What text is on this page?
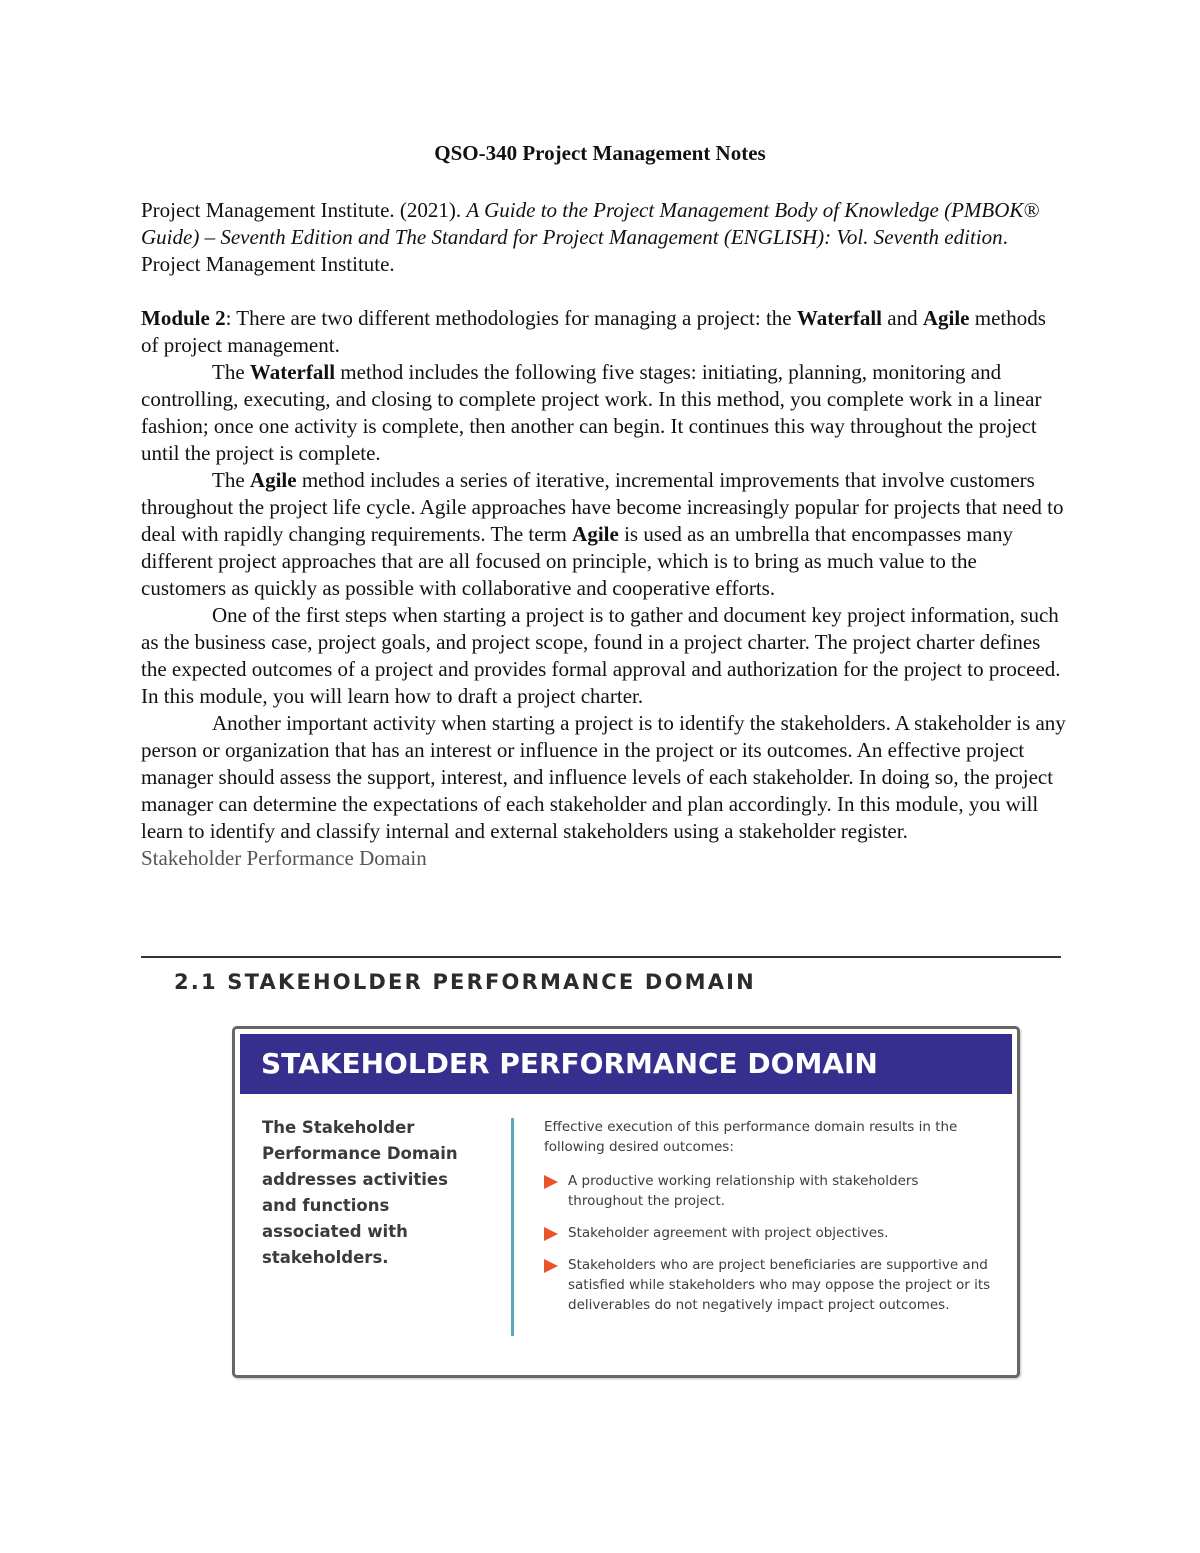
QSO-340 Project Management Notes

Project Management Institute. (2021). A Guide to the Project Management Body of Knowledge (PMBOK® Guide) – Seventh Edition and The Standard for Project Management (ENGLISH): Vol. Seventh edition. Project Management Institute.

Module 2: There are two different methodologies for managing a project: the Waterfall and Agile methods of project management.

The Waterfall method includes the following five stages: initiating, planning, monitoring and controlling, executing, and closing to complete project work. In this method, you complete work in a linear fashion; once one activity is complete, then another can begin. It continues this way throughout the project until the project is complete.

The Agile method includes a series of iterative, incremental improvements that involve customers throughout the project life cycle. Agile approaches have become increasingly popular for projects that need to deal with rapidly changing requirements. The term Agile is used as an umbrella that encompasses many different project approaches that are all focused on principle, which is to bring as much value to the customers as quickly as possible with collaborative and cooperative efforts.

One of the first steps when starting a project is to gather and document key project information, such as the business case, project goals, and project scope, found in a project charter. The project charter defines the expected outcomes of a project and provides formal approval and authorization for the project to proceed. In this module, you will learn how to draft a project charter.

Another important activity when starting a project is to identify the stakeholders. A stakeholder is any person or organization that has an interest or influence in the project or its outcomes. An effective project manager should assess the support, interest, and influence levels of each stakeholder. In doing so, the project manager can determine the expectations of each stakeholder and plan accordingly. In this module, you will learn to identify and classify internal and external stakeholders using a stakeholder register.

Stakeholder Performance Domain

2.1 STAKEHOLDER PERFORMANCE DOMAIN
STAKEHOLDER PERFORMANCE DOMAIN
The Stakeholder Performance Domain addresses activities and functions associated with stakeholders.
Effective execution of this performance domain results in the following desired outcomes:
A productive working relationship with stakeholders throughout the project.
Stakeholder agreement with project objectives.
Stakeholders who are project beneficiaries are supportive and satisfied while stakeholders who may oppose the project or its deliverables do not negatively impact project outcomes.
